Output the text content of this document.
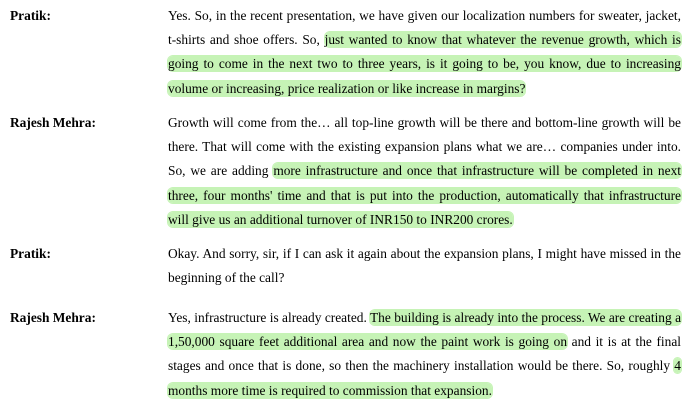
Pratik:	Yes. So, in the recent presentation, we have given our localization numbers for sweater, jacket, t-shirts and shoe offers. So, just wanted to know that whatever the revenue growth, which is going to come in the next two to three years, is it going to be, you know, due to increasing volume or increasing, price realization or like increase in margins?
Rajesh Mehra:	Growth will come from the… all top-line growth will be there and bottom-line growth will be there. That will come with the existing expansion plans what we are… companies under into. So, we are adding more infrastructure and once that infrastructure will be completed in next three, four months' time and that is put into the production, automatically that infrastructure will give us an additional turnover of INR150 to INR200 crores.
Pratik:	Okay. And sorry, sir, if I can ask it again about the expansion plans, I might have missed in the beginning of the call?
Rajesh Mehra:	Yes, infrastructure is already created. The building is already into the process. We are creating a 1,50,000 square feet additional area and now the paint work is going on and it is at the final stages and once that is done, so then the machinery installation would be there. So, roughly 4 months more time is required to commission that expansion.
